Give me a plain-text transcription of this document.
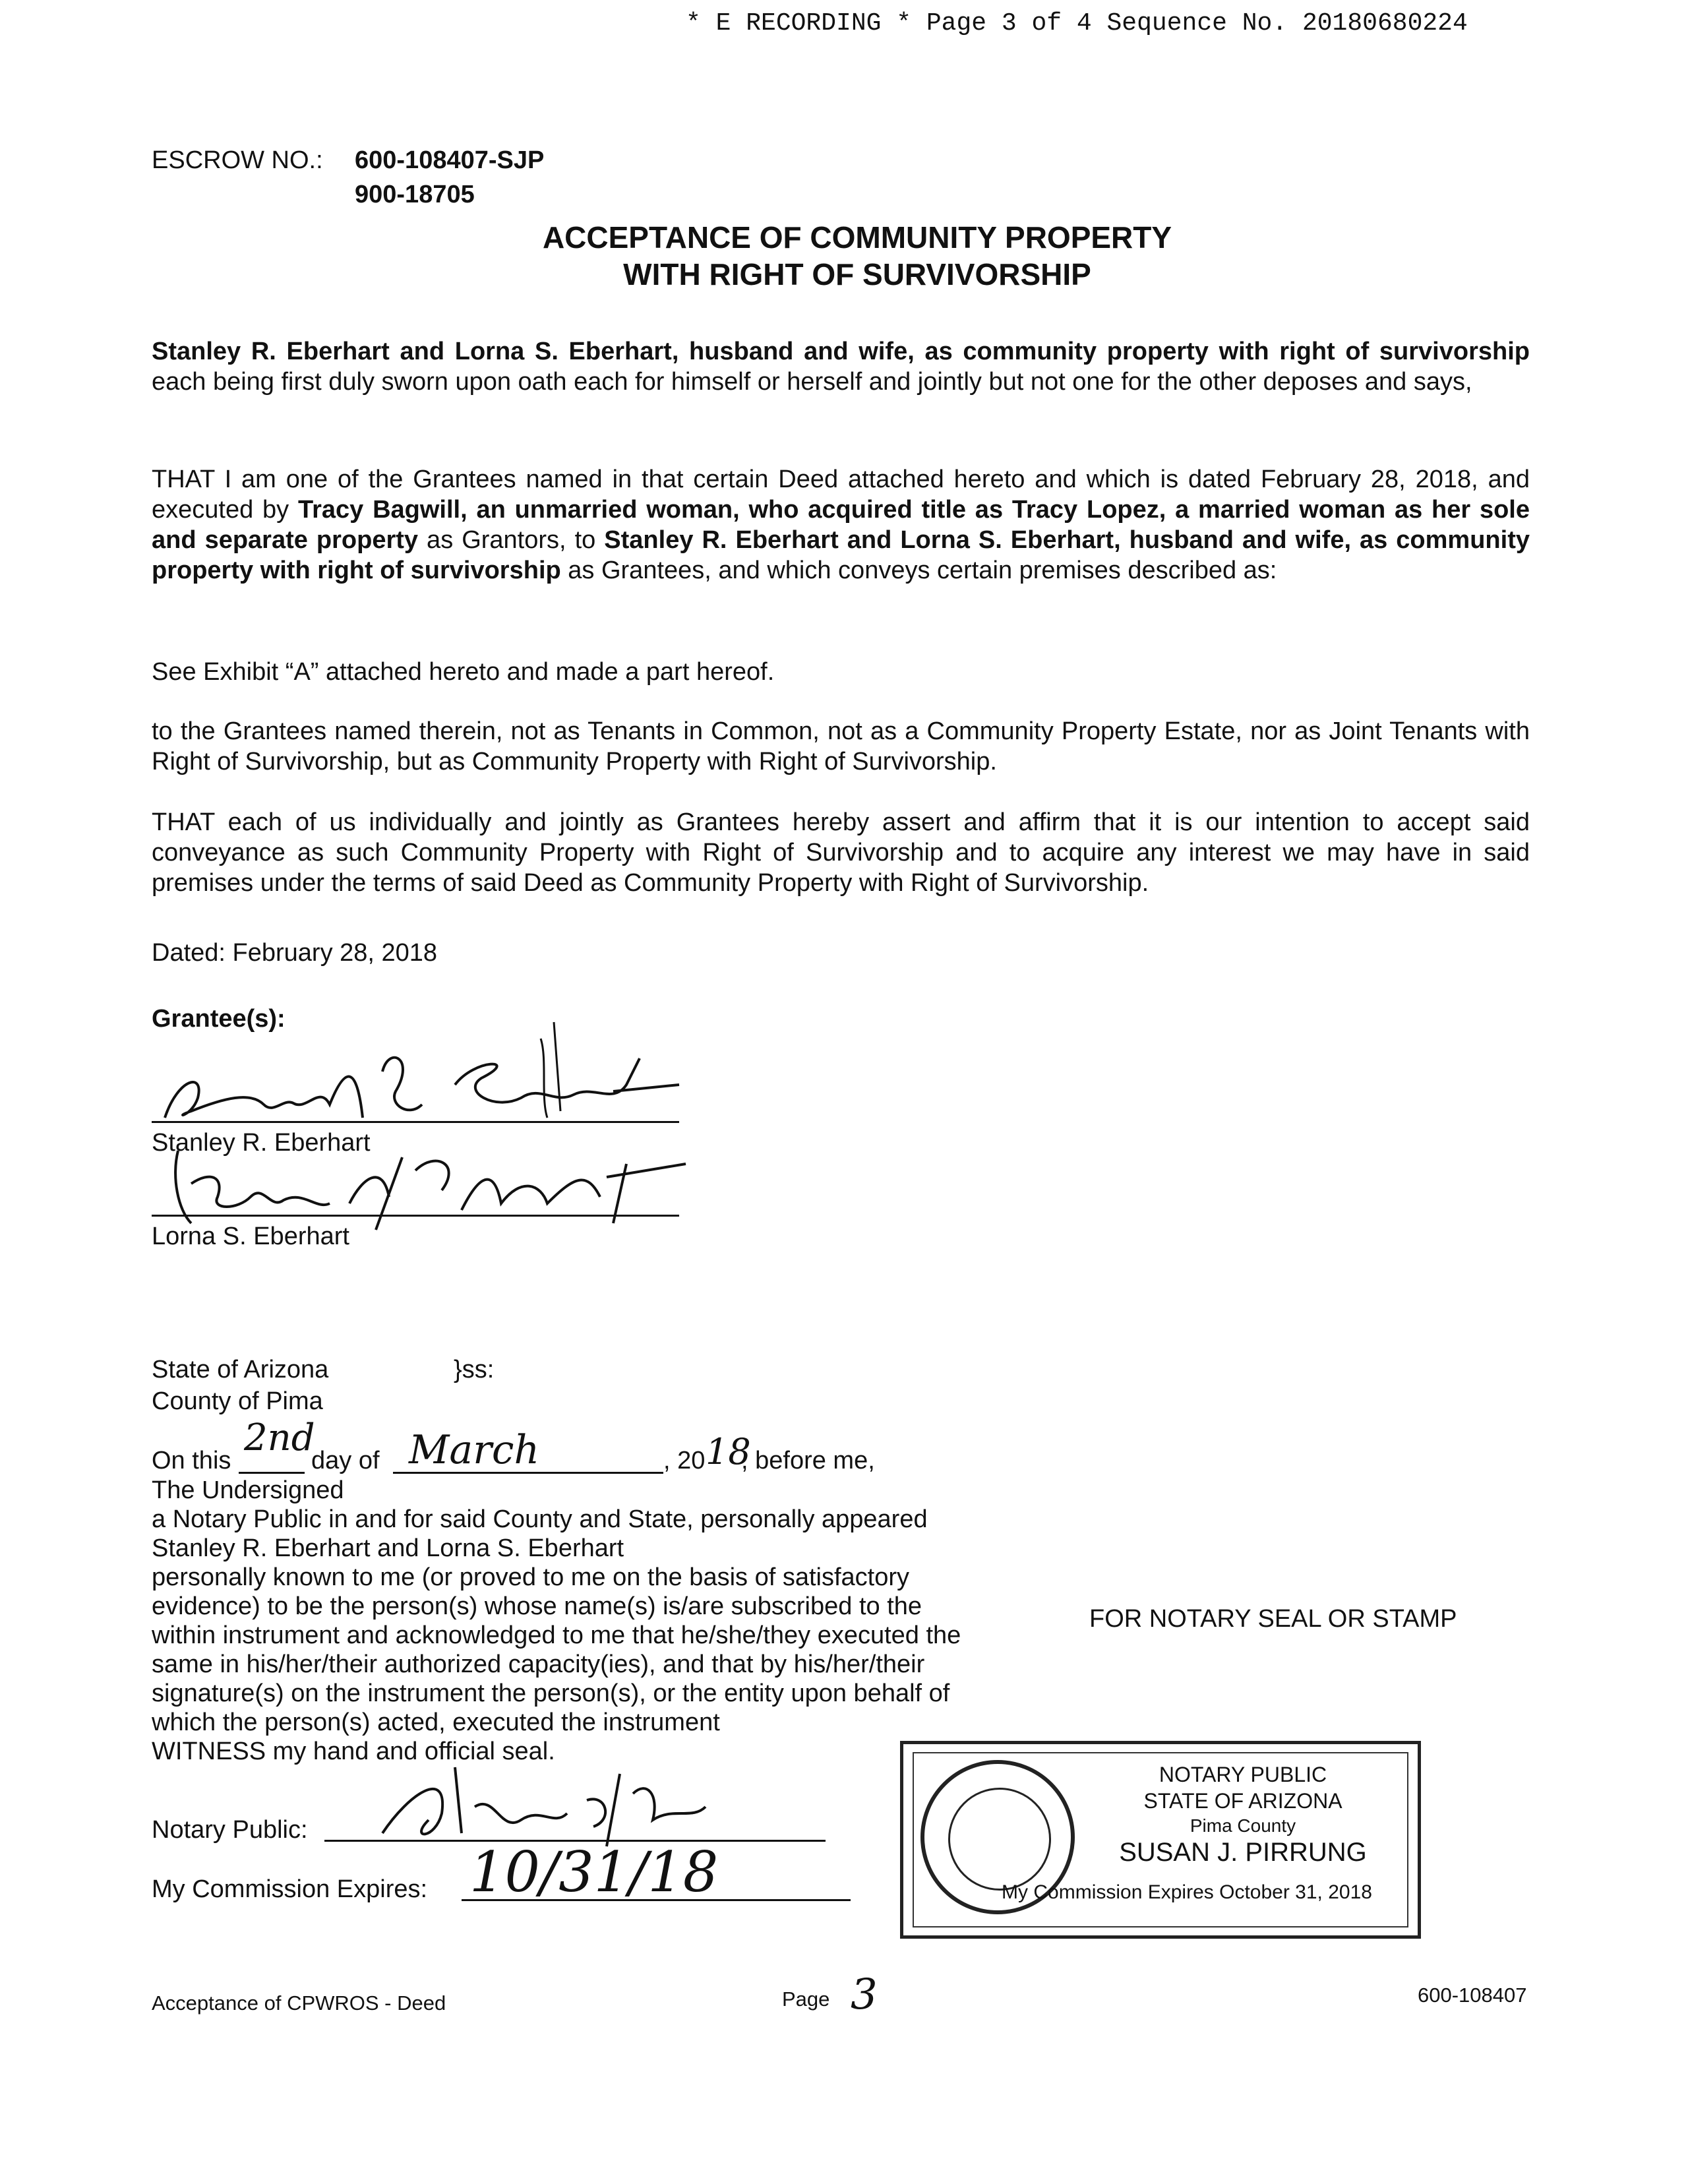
* E RECORDING * Page 3 of 4 Sequence No. 20180680224
ESCROW NO.: 600-108407-SJP
900-18705
ACCEPTANCE OF COMMUNITY PROPERTY
WITH RIGHT OF SURVIVORSHIP
Stanley R. Eberhart and Lorna S. Eberhart, husband and wife, as community property with right of survivorship each being first duly sworn upon oath each for himself or herself and jointly but not one for the other deposes and says,
THAT I am one of the Grantees named in that certain Deed attached hereto and which is dated February 28, 2018, and executed by Tracy Bagwill, an unmarried woman, who acquired title as Tracy Lopez, a married woman as her sole and separate property as Grantors, to Stanley R. Eberhart and Lorna S. Eberhart, husband and wife, as community property with right of survivorship as Grantees, and which conveys certain premises described as:
See Exhibit “A” attached hereto and made a part hereof.
to the Grantees named therein, not as Tenants in Common, not as a Community Property Estate, nor as Joint Tenants with Right of Survivorship, but as Community Property with Right of Survivorship.
THAT each of us individually and jointly as Grantees hereby assert and affirm that it is our intention to accept said conveyance as such Community Property with Right of Survivorship and to acquire any interest we may have in said premises under the terms of said Deed as Community Property with Right of Survivorship.
Dated: February 28, 2018
Grantee(s):
Stanley R. Eberhart
Lorna S. Eberhart
State of Arizona	}ss:
County of Pima
On this
2nd
day of March	, 20 18
, before me,
The Undersigned
a Notary Public in and for said County and State, personally appeared
Stanley R. Eberhart and Lorna S. Eberhart
personally known to me (or proved to me on the basis of satisfactory
evidence) to be the person(s) whose name(s) is/are subscribed to the
within instrument and acknowledged to me that he/she/they executed the
same in his/her/their authorized capacity(ies), and that by his/her/their
signature(s) on the instrument the person(s), or the entity upon behalf of
which the person(s) acted, executed the instrument
WITNESS my hand and official seal.
FOR NOTARY SEAL OR STAMP
Notary Public:
My Commission Expires: 10/31/18
NOTARY PUBLIC
STATE OF ARIZONA
Pima County
SUSAN J. PIRRUNG
My Commission Expires October 31, 2018
Acceptance of CPWROS - Deed	Page 3	600-108407
